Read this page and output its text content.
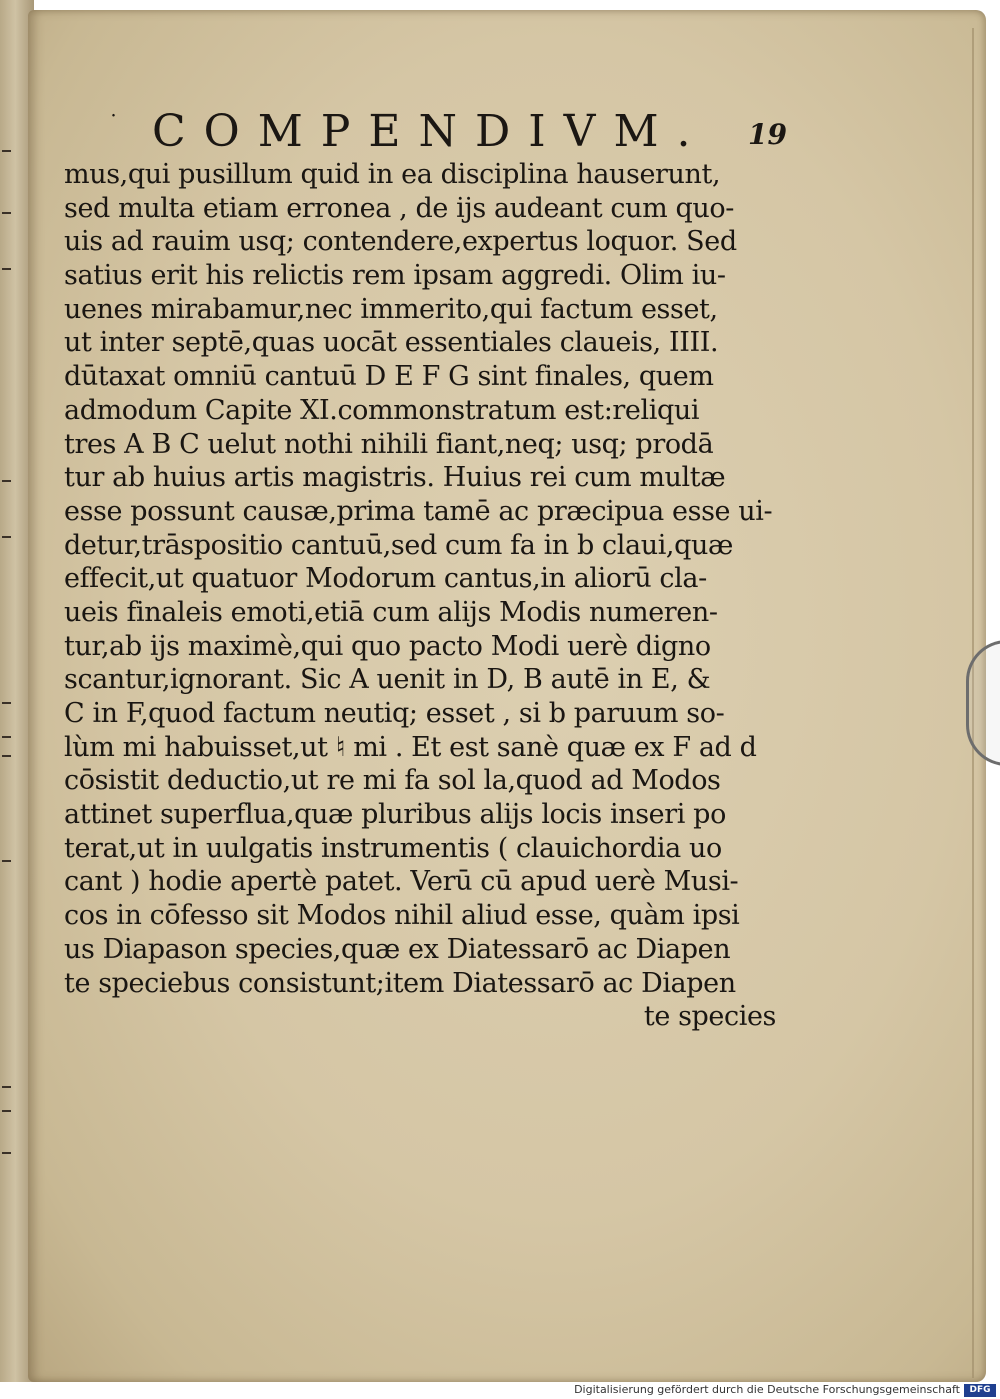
˙ COMPENDIVM. 19
mus,qui pusillum quid in ea disciplina hauserunt,
sed multa etiam erronea , de ijs audeant cum quo-
uis ad rauim usq; contendere,expertus loquor. Sed
satius erit his relictis rem ipsam aggredi. Olim iu-
uenes mirabamur,nec immerito,qui factum esset,
ut inter septē,quas uocāt essentiales claueis, IIII.
dūtaxat omniū cantuū D E F G sint finales, quem
admodum Capite XI.commonstratum est:reliqui
tres A B C uelut nothi nihili fiant,neq; usq; prodā
tur ab huius artis magistris. Huius rei cum multæ
esse possunt causæ,prima tamē ac præcipua esse ui-
detur,trāspositio cantuū,sed cum fa in b claui,quæ
effecit,ut quatuor Modorum cantus,in aliorū cla-
ueis finaleis emoti,etiā cum alijs Modis numeren-
tur,ab ijs maximè,qui quo pacto Modi uerè digno
scantur,ignorant. Sic A uenit in D, B autē in E, &
C in F,quod factum neutiq; esset , si b paruum so-
lùm mi habuisset,ut ♮ mi . Et est sanè quæ ex F ad d
cōsistit deductio,ut re mi fa sol la,quod ad Modos
attinet superflua,quæ pluribus alijs locis inseri po
terat,ut in uulgatis instrumentis ( clauichordia uo
cant ) hodie apertè patet. Verū cū apud uerè Musi-
cos in cōfesso sit Modos nihil aliud esse, quàm ipsi
us Diapason species,quæ ex Diatessarō ac Diapen
te speciebus consistunt;item Diatessarō ac Diapen
te species
Digitalisierung gefördert durch die Deutsche Forschungsgemeinschaft	DFG
